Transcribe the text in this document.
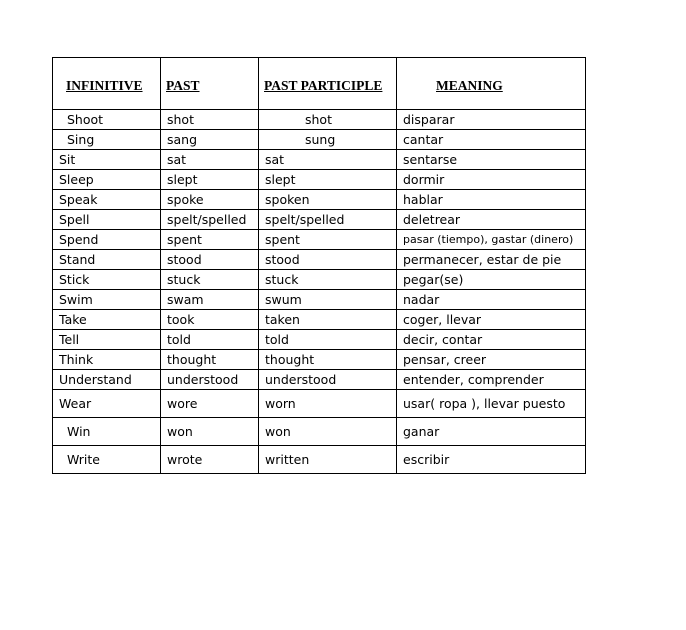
INFINITIVE	PAST	PAST PARTICIPLE	MEANING
Shoot	shot	shot	disparar
Sing	sang	sung	cantar
Sit	sat	sat	sentarse
Sleep	slept	slept	dormir
Speak	spoke	spoken	hablar
Spell	spelt/spelled	spelt/spelled	deletrear
Spend	spent	spent	pasar (tiempo), gastar (dinero)
Stand	stood	stood	permanecer, estar de pie
Stick	stuck	stuck	pegar(se)
Swim	swam	swum	nadar
Take	took	taken	coger, llevar
Tell	told	told	decir, contar
Think	thought	thought	pensar, creer
Understand	understood	understood	entender, comprender
Wear	wore	worn	usar( ropa ), llevar puesto
Win	won	won	ganar
Write	wrote	written	escribir
